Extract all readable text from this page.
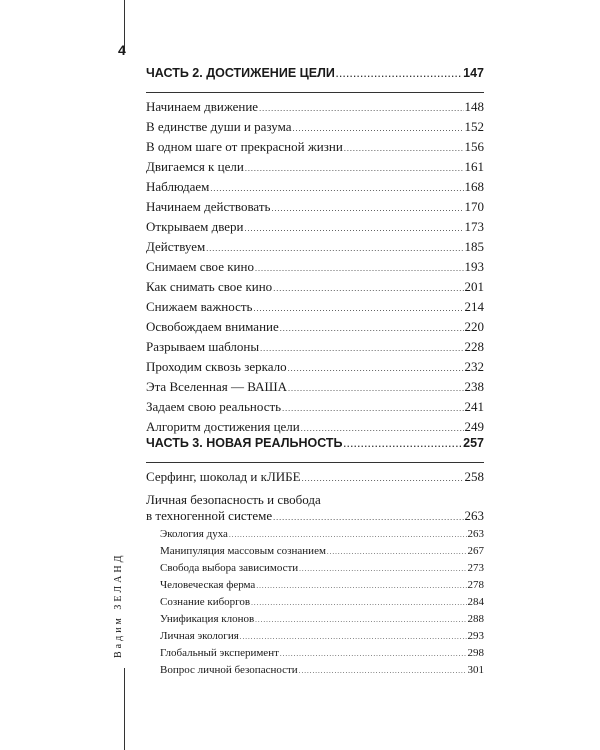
4
Вадим ЗЕЛАНД
ЧАСТЬ 2. ДОСТИЖЕНИЕ ЦЕЛИ .....	147
Начинаем движение .....	148
В единстве души и разума .....	152
В одном шаге от прекрасной жизни .....	156
Двигаемся к цели .....	161
Наблюдаем .....	168
Начинаем действовать .....	170
Открываем двери .....	173
Действуем .....	185
Снимаем свое кино .....	193
Как снимать свое кино .....	201
Снижаем важность .....	214
Освобождаем внимание .....	220
Разрываем шаблоны .....	228
Проходим сквозь зеркало .....	232
Эта Вселенная — ВАША .....	238
Задаем свою реальность .....	241
Алгоритм достижения цели .....	249
ЧАСТЬ 3. НОВАЯ РЕАЛЬНОСТЬ .....	257
Серфинг, шоколад и кЛИБЕ .....	258
Личная безопасность и свобода
в техногенной системе .....	263
Экология духа .....	263
Манипуляция массовым сознанием .....	267
Свобода выбора зависимости .....	273
Человеческая ферма .....	278
Сознание киборгов .....	284
Унификация клонов .....	288
Личная экология .....	293
Глобальный эксперимент .....	298
Вопрос личной безопасности .....	301
